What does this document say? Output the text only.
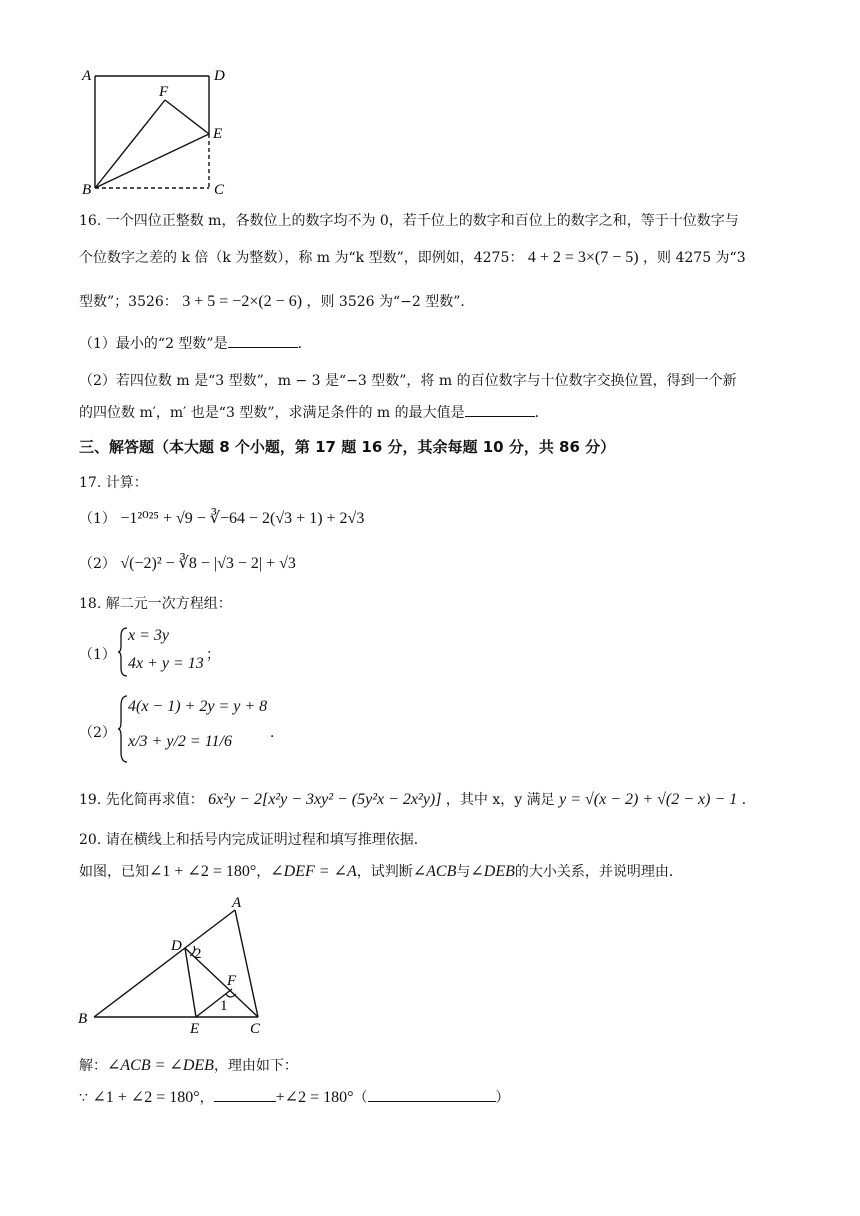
A	D
F
E
B	C
16. 一个四位正整数 m，各数位上的数字均不为 0，若千位上的数字和百位上的数字之和，等于十位数字与
个位数字之差的 k 倍（k 为整数），称 m 为“k 型数”，即例如，4275： 4 + 2 = 3×(7 − 5) ，则 4275 为“3
型数”；3526： 3 + 5 = −2×(2 − 6) ，则 3526 为“−2 型数”．
（1）最小的“2 型数”是	．
（2）若四位数 m 是“3 型数”，m − 3 是“−3 型数”，将 m 的百位数字与十位数字交换位置，得到一个新
的四位数 m′，m′ 也是“3 型数”，求满足条件的 m 的最大值是	．
三、解答题（本大题 8 个小题，第 17 题 16 分，其余每题 10 分，共 86 分）
17. 计算：
（1） −1²⁰²⁵ + √9 − ∛−64 − 2(√3 + 1) + 2√3
（2） √(−2)² − ∛8 − |√3 − 2| + √3
18. 解二元一次方程组：
（1）
x = 3y
4x + y = 13 ；
（2）
4(x − 1) + 2y = y + 8
x/3 + y/2 = 11/6	．
19. 先化简再求值： 6x²y − 2[x²y − 3xy² − (5y²x − 2x²y)] ，其中 x，y 满足 y = √(x − 2) + √(2 − x) − 1 ．
20. 请在横线上和括号内完成证明过程和填写推理依据．
如图，已知∠1 + ∠2 = 180°，∠DEF = ∠A，试判断∠ACB与∠DEB的大小关系，并说明理由．
A
D 2
F
1
B
E	C
解：∠ACB = ∠DEB，理由如下：
∵ ∠1 + ∠2 = 180°，	+∠2 = 180°（	）
